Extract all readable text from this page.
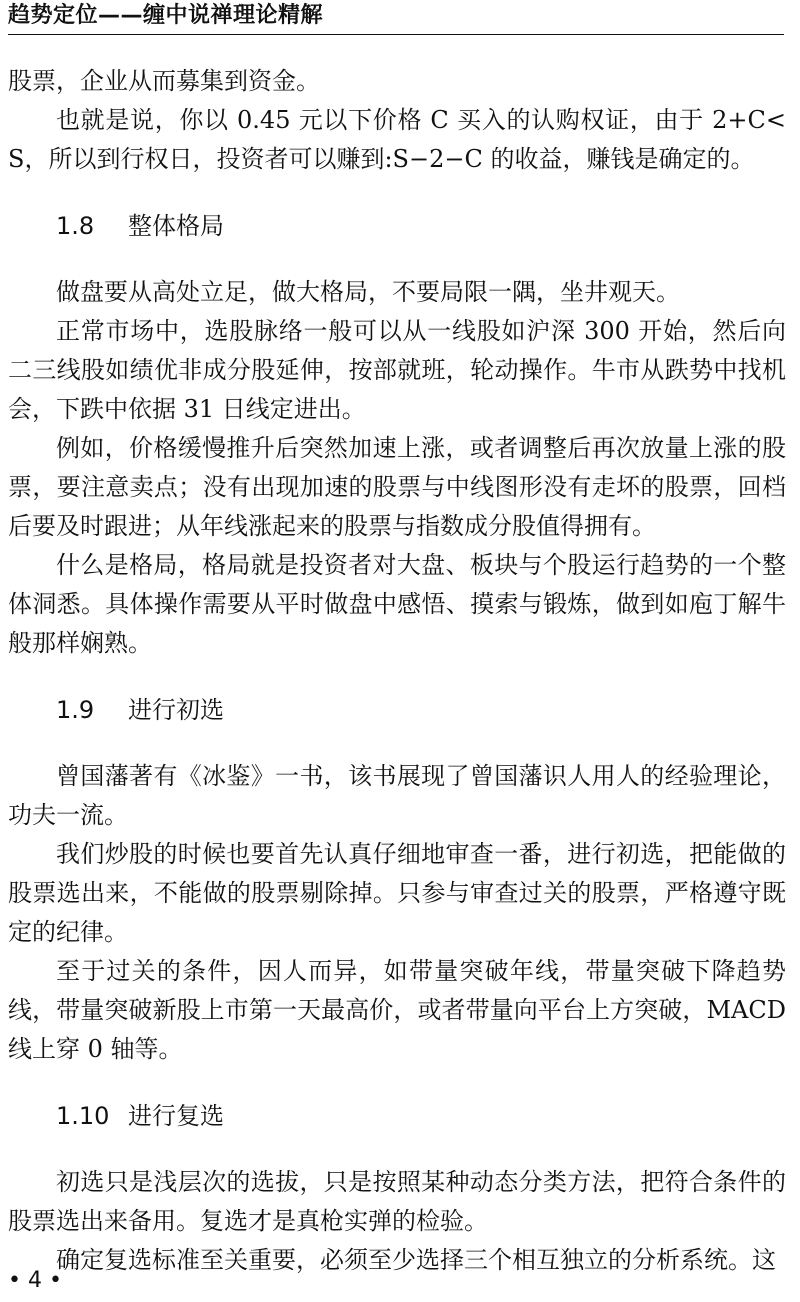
趋势定位——缠中说禅理论精解

股票，企业从而募集到资金。

也就是说，你以 0.45 元以下价格 C 买入的认购权证，由于 2+C<S，所以到行权日，投资者可以赚到:S−2−C 的收益，赚钱是确定的。

1.8 整体格局

做盘要从高处立足，做大格局，不要局限一隅，坐井观天。

正常市场中，选股脉络一般可以从一线股如沪深 300 开始，然后向二三线股如绩优非成分股延伸，按部就班，轮动操作。牛市从跌势中找机会，下跌中依据 31 日线定进出。

例如，价格缓慢推升后突然加速上涨，或者调整后再次放量上涨的股票，要注意卖点；没有出现加速的股票与中线图形没有走坏的股票，回档后要及时跟进；从年线涨起来的股票与指数成分股值得拥有。

什么是格局，格局就是投资者对大盘、板块与个股运行趋势的一个整体洞悉。具体操作需要从平时做盘中感悟、摸索与锻炼，做到如庖丁解牛般那样娴熟。

1.9 进行初选

曾国藩著有《冰鉴》一书，该书展现了曾国藩识人用人的经验理论，功夫一流。

我们炒股的时候也要首先认真仔细地审查一番，进行初选，把能做的股票选出来，不能做的股票剔除掉。只参与审查过关的股票，严格遵守既定的纪律。

至于过关的条件，因人而异，如带量突破年线，带量突破下降趋势线，带量突破新股上市第一天最高价，或者带量向平台上方突破，MACD 线上穿 0 轴等。

1.10 进行复选

初选只是浅层次的选拔，只是按照某种动态分类方法，把符合条件的股票选出来备用。复选才是真枪实弹的检验。

确定复选标准至关重要，必须至少选择三个相互独立的分析系统。这

• 4 •
